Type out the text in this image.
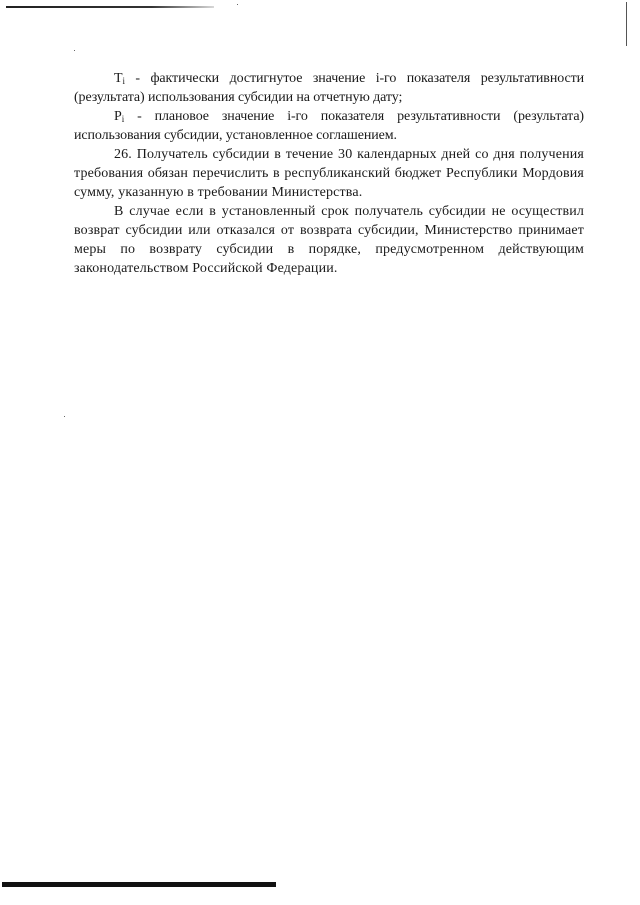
$T_i$ - фактически достигнутое значение i-го показателя результативности (результата) использования субсидии на отчетную дату;

$P_i$ - плановое значение i-го показателя результативности (результата) использования субсидии, установленное соглашением.

26. Получатель субсидии в течение 30 календарных дней со дня получения требования обязан перечислить в республиканский бюджет Республики Мордовия сумму, указанную в требовании Министерства.

В случае если в установленный срок получатель субсидии не осуществил возврат субсидии или отказался от возврата субсидии, Министерство принимает меры по возврату субсидии в порядке, предусмотренном действующим законодательством Российской Федерации.
